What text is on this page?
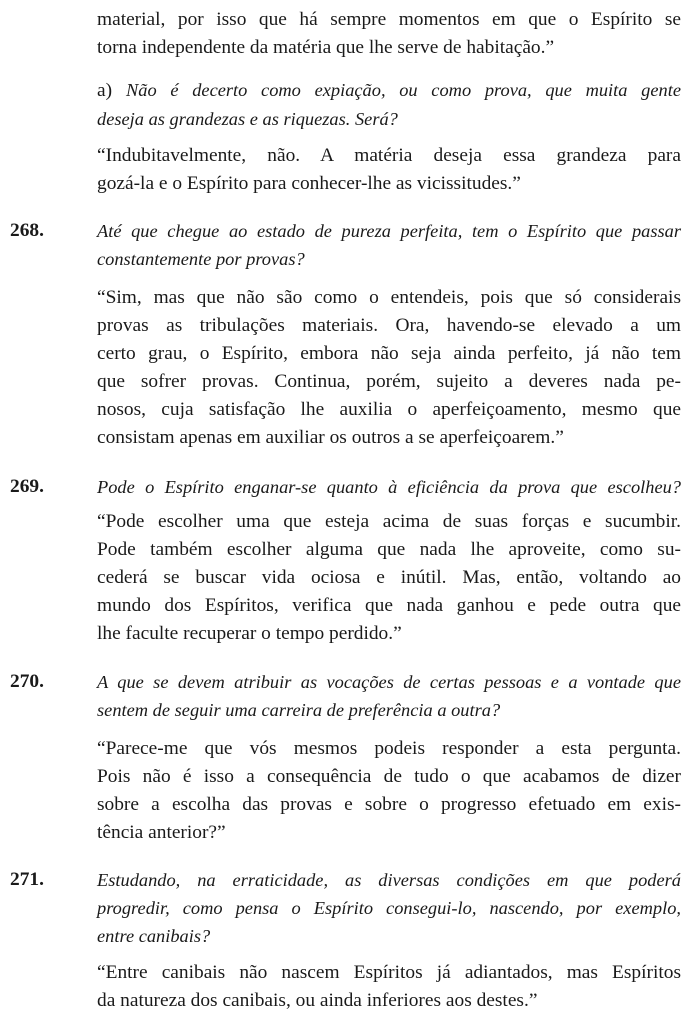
material, por isso que há sempre momentos em que o Espírito se
torna independente da matéria que lhe serve de habitação.”
a) Não é decerto como expiação, ou como prova, que muita gente
deseja as grandezas e as riquezas. Será?
“Indubitavelmente, não. A matéria deseja essa grandeza para
gozá-la e o Espírito para conhecer-lhe as vicissitudes.”
268.	Até que chegue ao estado de pureza perfeita, tem o Espírito que passar
constantemente por provas?
“Sim, mas que não são como o entendeis, pois que só considerais
provas as tribulações materiais. Ora, havendo-se elevado a um
certo grau, o Espírito, embora não seja ainda perfeito, já não tem
que sofrer provas. Continua, porém, sujeito a deveres nada pe-
nosos, cuja satisfação lhe auxilia o aperfeiçoamento, mesmo que
consistam apenas em auxiliar os outros a se aperfeiçoarem.”
269.	Pode o Espírito enganar-se quanto à eficiência da prova que escolheu?
“Pode escolher uma que esteja acima de suas forças e sucumbir.
Pode também escolher alguma que nada lhe aproveite, como su-
cederá se buscar vida ociosa e inútil. Mas, então, voltando ao
mundo dos Espíritos, verifica que nada ganhou e pede outra que
lhe faculte recuperar o tempo perdido.”
270.	A que se devem atribuir as vocações de certas pessoas e a vontade que
sentem de seguir uma carreira de preferência a outra?
“Parece-me que vós mesmos podeis responder a esta pergunta.
Pois não é isso a consequência de tudo o que acabamos de dizer
sobre a escolha das provas e sobre o progresso efetuado em exis-
tência anterior?”
271.	Estudando, na erraticidade, as diversas condições em que poderá
progredir, como pensa o Espírito consegui-lo, nascendo, por exemplo,
entre canibais?
“Entre canibais não nascem Espíritos já adiantados, mas Espíritos
da natureza dos canibais, ou ainda inferiores aos destes.”
